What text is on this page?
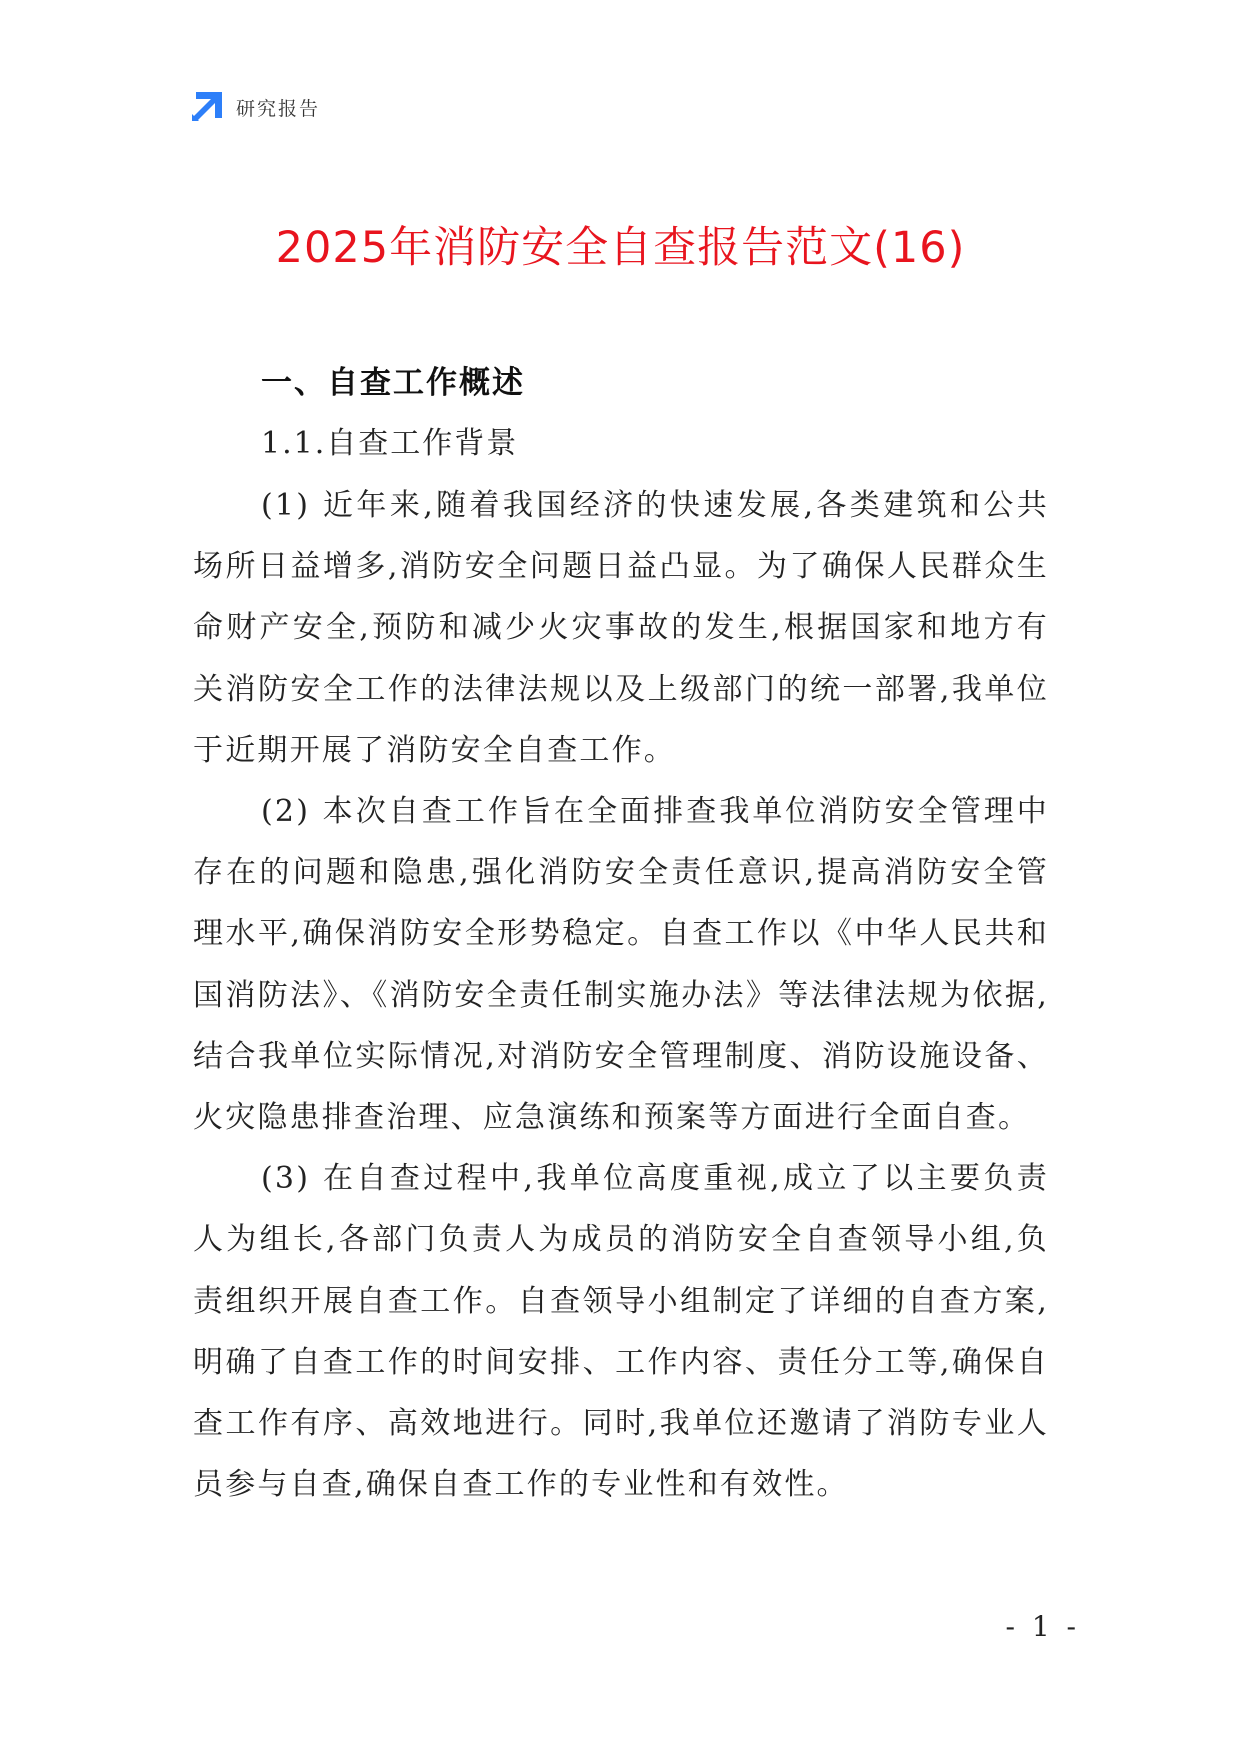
研究报告
2025年消防安全自查报告范文(16)
一、自查工作概述
1.1.自查工作背景

(1) 近年来,随着我国经济的快速发展,各类建筑和公共场所日益增多,消防安全问题日益凸显。为了确保人民群众生命财产安全,预防和减少火灾事故的发生,根据国家和地方有关消防安全工作的法律法规以及上级部门的统一部署,我单位于近期开展了消防安全自查工作。

(2) 本次自查工作旨在全面排查我单位消防安全管理中存在的问题和隐患,强化消防安全责任意识,提高消防安全管理水平,确保消防安全形势稳定。自查工作以《中华人民共和国消防法》、《消防安全责任制实施办法》等法律法规为依据,结合我单位实际情况,对消防安全管理制度、消防设施设备、火灾隐患排查治理、应急演练和预案等方面进行全面自查。

(3) 在自查过程中,我单位高度重视,成立了以主要负责人为组长,各部门负责人为成员的消防安全自查领导小组,负责组织开展自查工作。自查领导小组制定了详细的自查方案,明确了自查工作的时间安排、工作内容、责任分工等,确保自查工作有序、高效地进行。同时,我单位还邀请了消防专业人员参与自查,确保自查工作的专业性和有效性。

- 1 -
